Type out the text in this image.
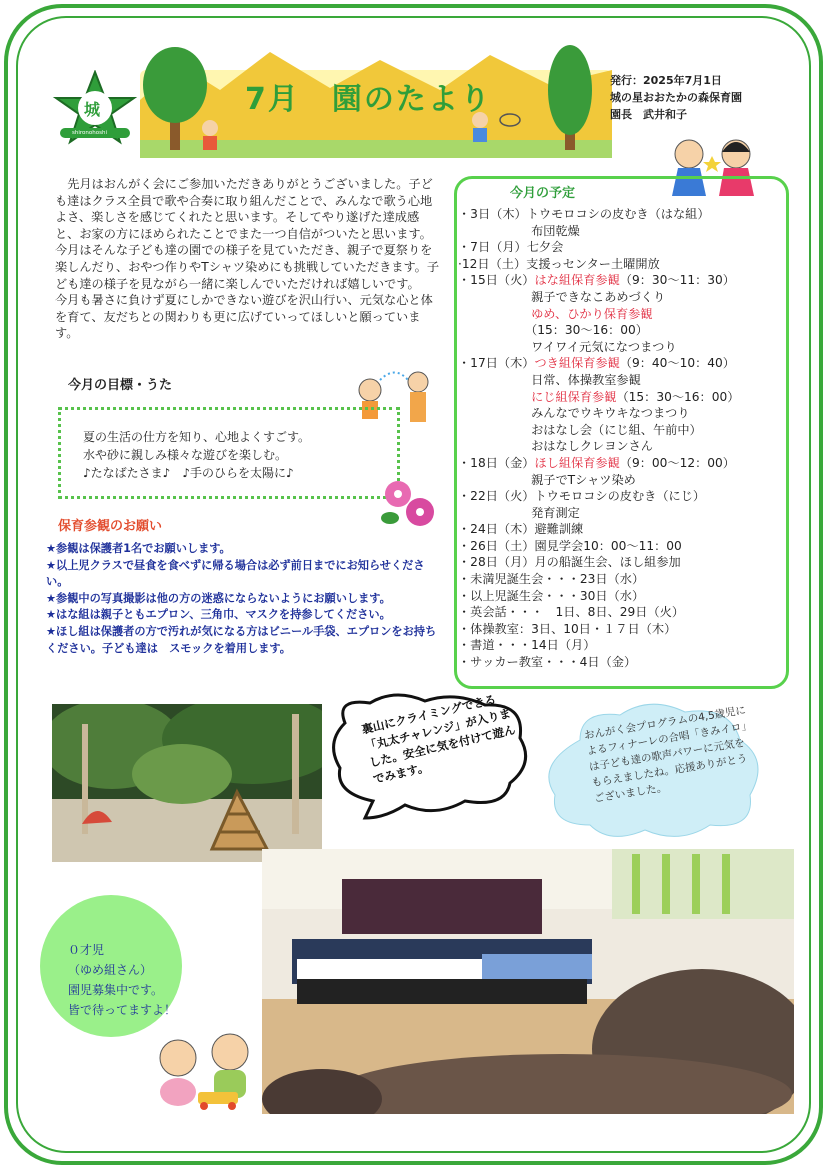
城
shironohoshi
7月　園のたより
発行：2025年7月1日
城の星おおたかの森保育園
園長　武井和子

先月はおんがく会にご参加いただきありがとうございました。子ども達はクラス全員で歌や合奏に取り組んだことで、みんなで歌う心地よさ、楽しさを感じてくれたと思います。そしてやり遂げた達成感と、お家の方にほめられたことでまた一つ自信がついたと思います。今月はそんな子ども達の園での様子を見ていただき、親子で夏祭りを楽しんだり、おやつ作りやTシャツ染めにも挑戦していただきます。子ども達の様子を見ながら一緒に楽しんでいただければ嬉しいです。

今月も暑さに負けず夏にしかできない遊びを沢山行い、元気な心と体を育て、友だちとの関わりも更に広げていってほしいと願っています。

今月の目標・うた
夏の生活の仕方を知り、心地よくすごす。
水や砂に親しみ様々な遊びを楽しむ。
♪たなばたさま♪　♪手のひらを太陽に♪
保育参観のお願い
★参観は保護者1名でお願いします。
★以上児クラスで昼食を食べずに帰る場合は必ず前日までにお知らせください。
★参観中の写真撮影は他の方の迷惑にならないようにお願いします。
★はな組は親子ともエプロン、三角巾、マスクを持参してください。
★ほし組は保護者の方で汚れが気になる方はビニール手袋、エプロンをお持ちください。子ども達は　スモックを着用します。
今月の予定
・3日（木）トウモロコシの皮むき（はな組）
　　　　　　布団乾燥
・7日（月）七夕会
·12日（土）支援っセンター土曜開放
・15日（火）はな組保育参観（9：30～11：30）
　　　　　　親子できなこあめづくり
　　　　　　ゆめ、ひかり保育参観
　　　　　　（15：30～16：00）
　　　　　　ワイワイ元気になつまつり
・17日（木）つき組保育参観（9：40～10：40）
　　　　　　日常、体操教室参観
　　　　　　にじ組保育参観（15：30～16：00）
　　　　　　みんなでウキウキなつまつり
　　　　　　おはなし会（にじ組、午前中）
　　　　　　おはなしクレヨンさん
・18日（金）ほし組保育参観（9：00～12：00）
　　　　　　親子でTシャツ染め
・22日（火）トウモロコシの皮むき（にじ）
　　　　　　発育測定
・24日（木）避難訓練
・26日（土）園見学会10：00～11：00
・28日（月）月の船誕生会、ほし組参加
・未満児誕生会・・・23日（水）
・以上児誕生会・・・30日（水）
・英会話・・・　1日、8日、29日（火）
・体操教室：3日、10日・１７日（木）
・書道・・・14日（月）
・サッカー教室・・・4日（金）
裏山にクライミングできる「丸太チャレンジ」が入りました。安全に気を付けて遊んでみます。
おんがく会プログラムの4,5歳児によるフィナーレの合唱「きみイロ」は子ども達の歌声パワーに元気をもらえましたね。応援ありがとうございました。
０才児
（ゆめ組さん）
園児募集中です。
皆で待ってますよ！
